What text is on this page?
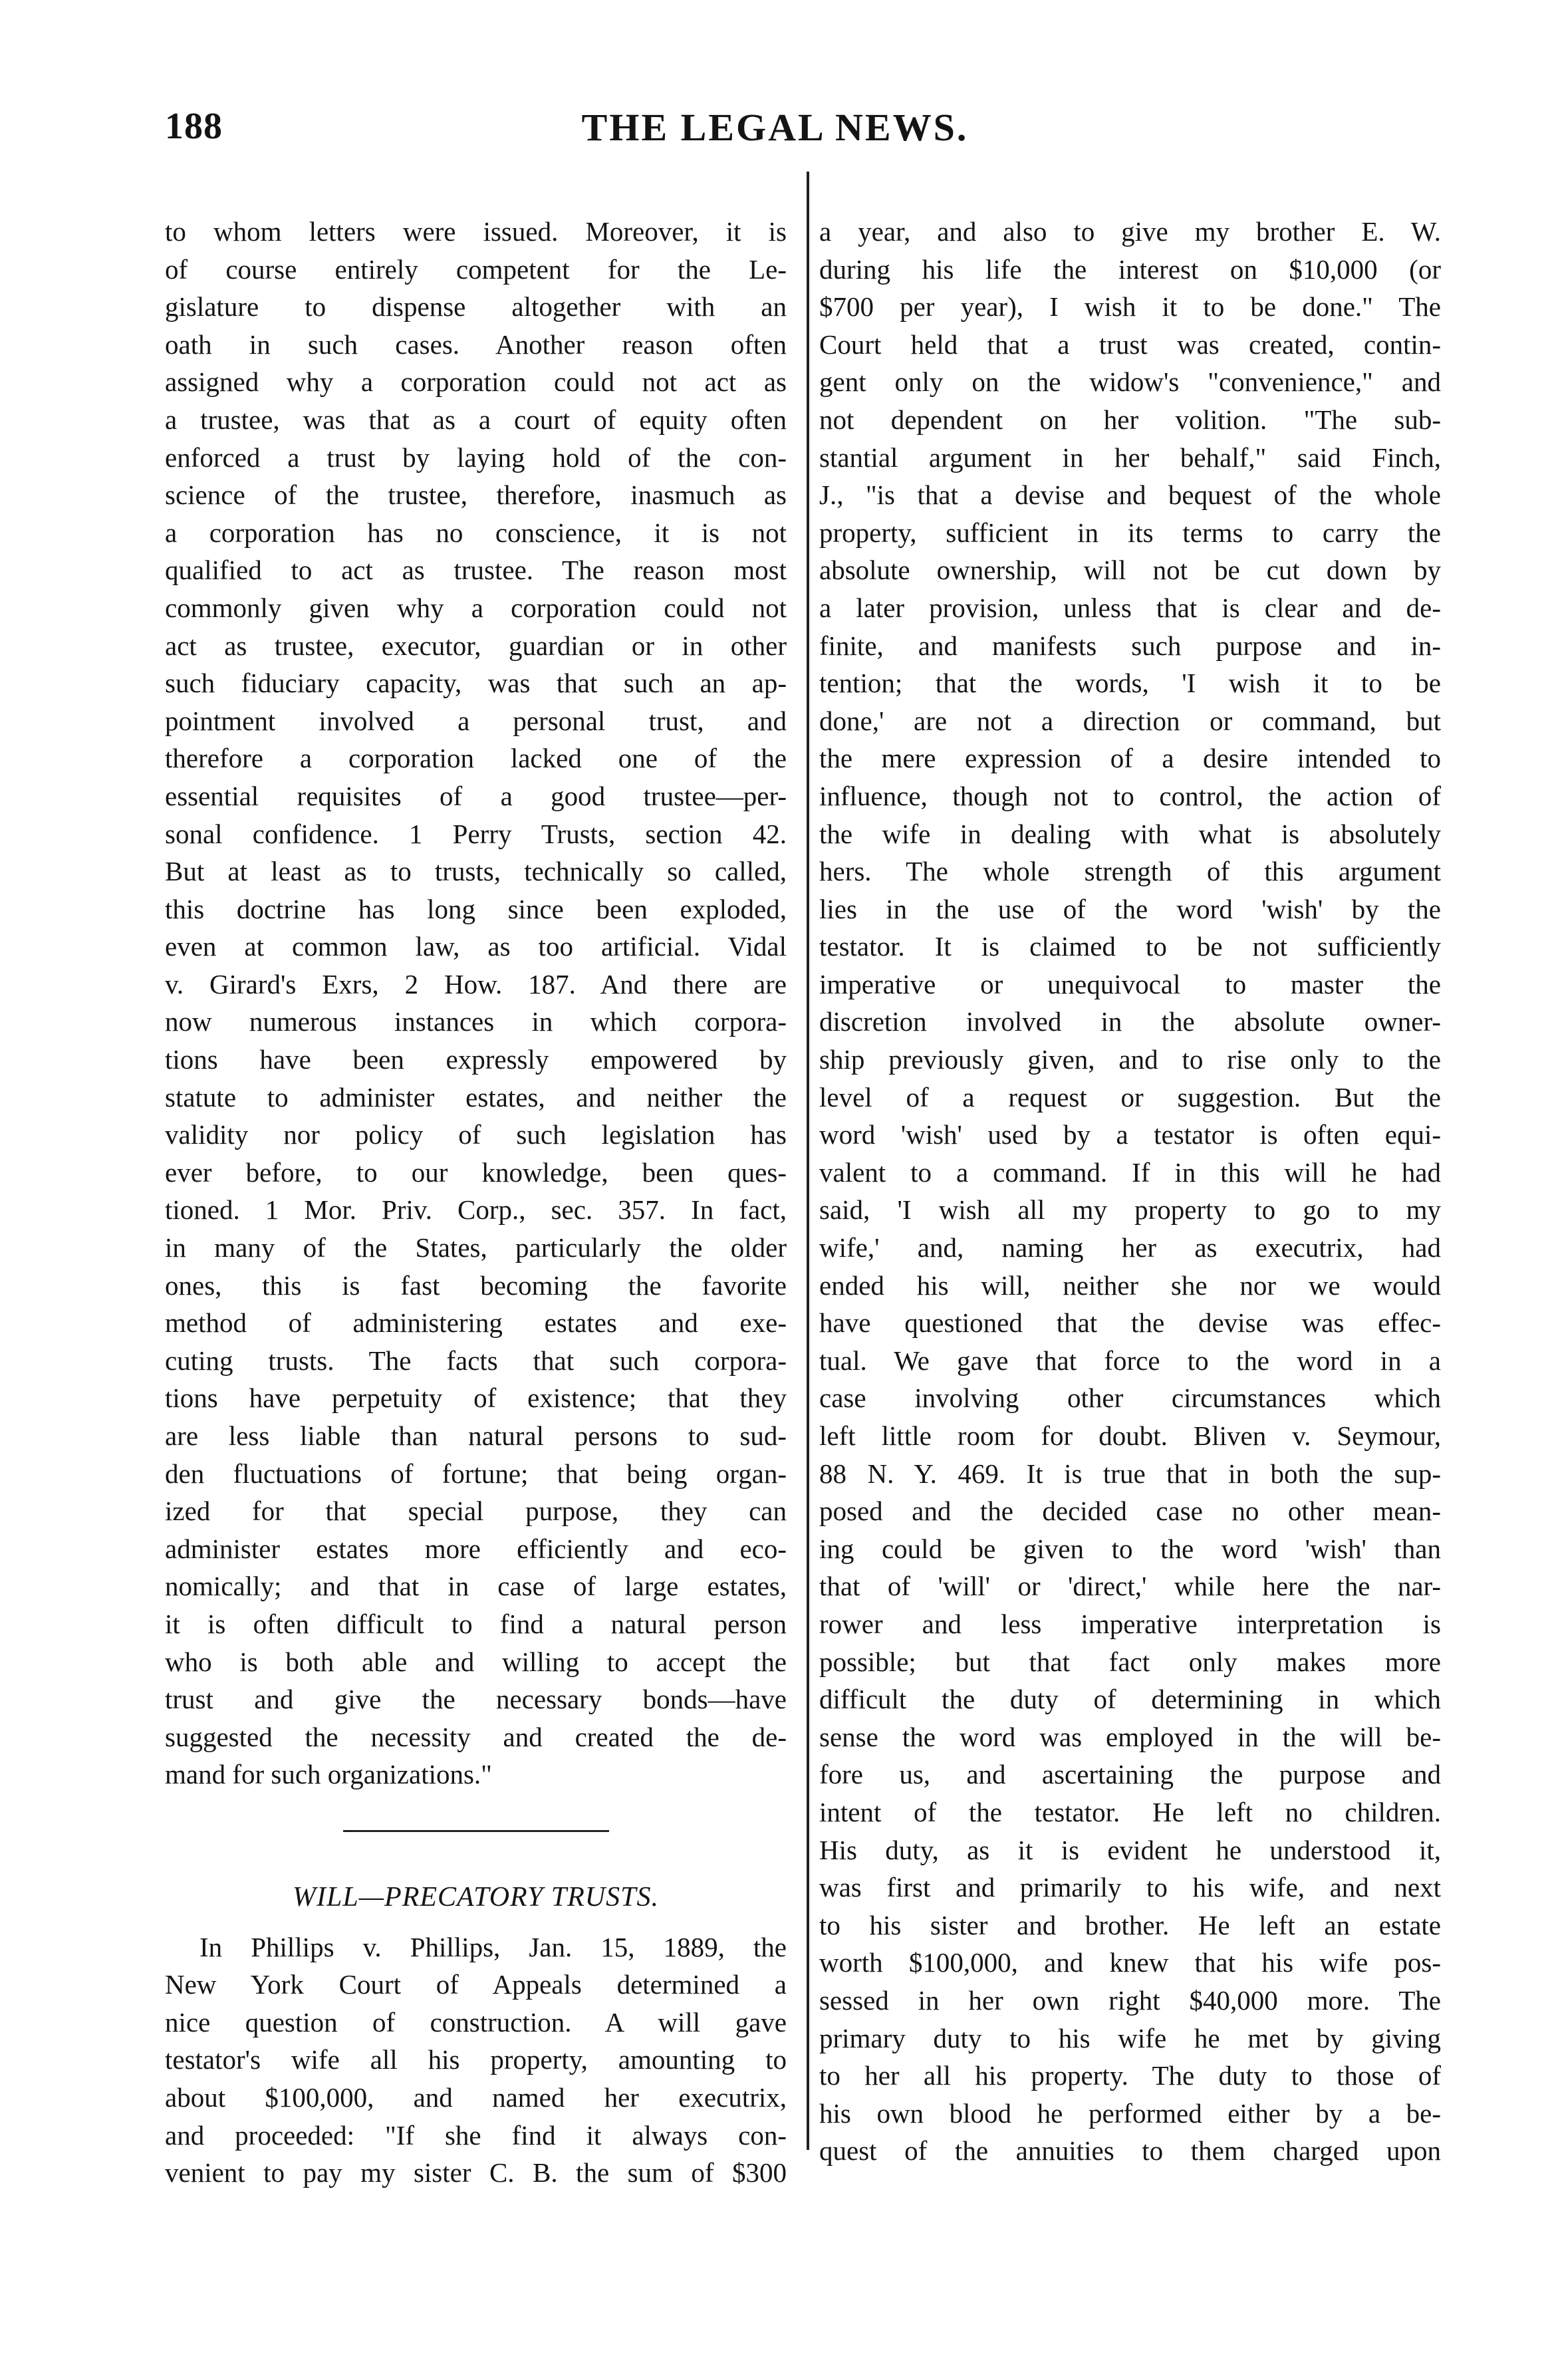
188	THE LEGAL NEWS.

to whom letters were issued. Moreover, it is

of course entirely competent for the Le-

gislature to dispense altogether with an

oath in such cases. Another reason often

assigned why a corporation could not act as

a trustee, was that as a court of equity often

enforced a trust by laying hold of the con-

science of the trustee, therefore, inasmuch as

a corporation has no conscience, it is not

qualified to act as trustee. The reason most

commonly given why a corporation could not

act as trustee, executor, guardian or in other

such fiduciary capacity, was that such an ap-

pointment involved a personal trust, and

therefore a corporation lacked one of the

essential requisites of a good trustee—per-

sonal confidence. 1 Perry Trusts, section 42.

But at least as to trusts, technically so called,

this doctrine has long since been exploded,

even at common law, as too artificial. Vidal

v. Girard's Exrs, 2 How. 187. And there are

now numerous instances in which corpora-

tions have been expressly empowered by

statute to administer estates, and neither the

validity nor policy of such legislation has

ever before, to our knowledge, been ques-

tioned. 1 Mor. Priv. Corp., sec. 357. In fact,

in many of the States, particularly the older

ones, this is fast becoming the favorite

method of administering estates and exe-

cuting trusts. The facts that such corpora-

tions have perpetuity of existence; that they

are less liable than natural persons to sud-

den fluctuations of fortune; that being organ-

ized for that special purpose, they can

administer estates more efficiently and eco-

nomically; and that in case of large estates,

it is often difficult to find a natural person

who is both able and willing to accept the

trust and give the necessary bonds—have

suggested the necessity and created the de-

mand for such organizations."

WILL—PRECATORY TRUSTS.

In Phillips v. Phillips, Jan. 15, 1889, the

New York Court of Appeals determined a

nice question of construction. A will gave

testator's wife all his property, amounting to

about $100,000, and named her executrix,

and proceeded: "If she find it always con-

venient to pay my sister C. B. the sum of $300

a year, and also to give my brother E. W.

during his life the interest on $10,000 (or

$700 per year), I wish it to be done." The

Court held that a trust was created, contin-

gent only on the widow's "convenience," and

not dependent on her volition. "The sub-

stantial argument in her behalf," said Finch,

J., "is that a devise and bequest of the whole

property, sufficient in its terms to carry the

absolute ownership, will not be cut down by

a later provision, unless that is clear and de-

finite, and manifests such purpose and in-

tention; that the words, 'I wish it to be

done,' are not a direction or command, but

the mere expression of a desire intended to

influence, though not to control, the action of

the wife in dealing with what is absolutely

hers. The whole strength of this argument

lies in the use of the word 'wish' by the

testator. It is claimed to be not sufficiently

imperative or unequivocal to master the

discretion involved in the absolute owner-

ship previously given, and to rise only to the

level of a request or suggestion. But the

word 'wish' used by a testator is often equi-

valent to a command. If in this will he had

said, 'I wish all my property to go to my

wife,' and, naming her as executrix, had

ended his will, neither she nor we would

have questioned that the devise was effec-

tual. We gave that force to the word in a

case involving other circumstances which

left little room for doubt. Bliven v. Seymour,

88 N. Y. 469. It is true that in both the sup-

posed and the decided case no other mean-

ing could be given to the word 'wish' than

that of 'will' or 'direct,' while here the nar-

rower and less imperative interpretation is

possible; but that fact only makes more

difficult the duty of determining in which

sense the word was employed in the will be-

fore us, and ascertaining the purpose and

intent of the testator. He left no children.

His duty, as it is evident he understood it,

was first and primarily to his wife, and next

to his sister and brother. He left an estate

worth $100,000, and knew that his wife pos-

sessed in her own right $40,000 more. The

primary duty to his wife he met by giving

to her all his property. The duty to those of

his own blood he performed either by a be-

quest of the annuities to them charged upon
